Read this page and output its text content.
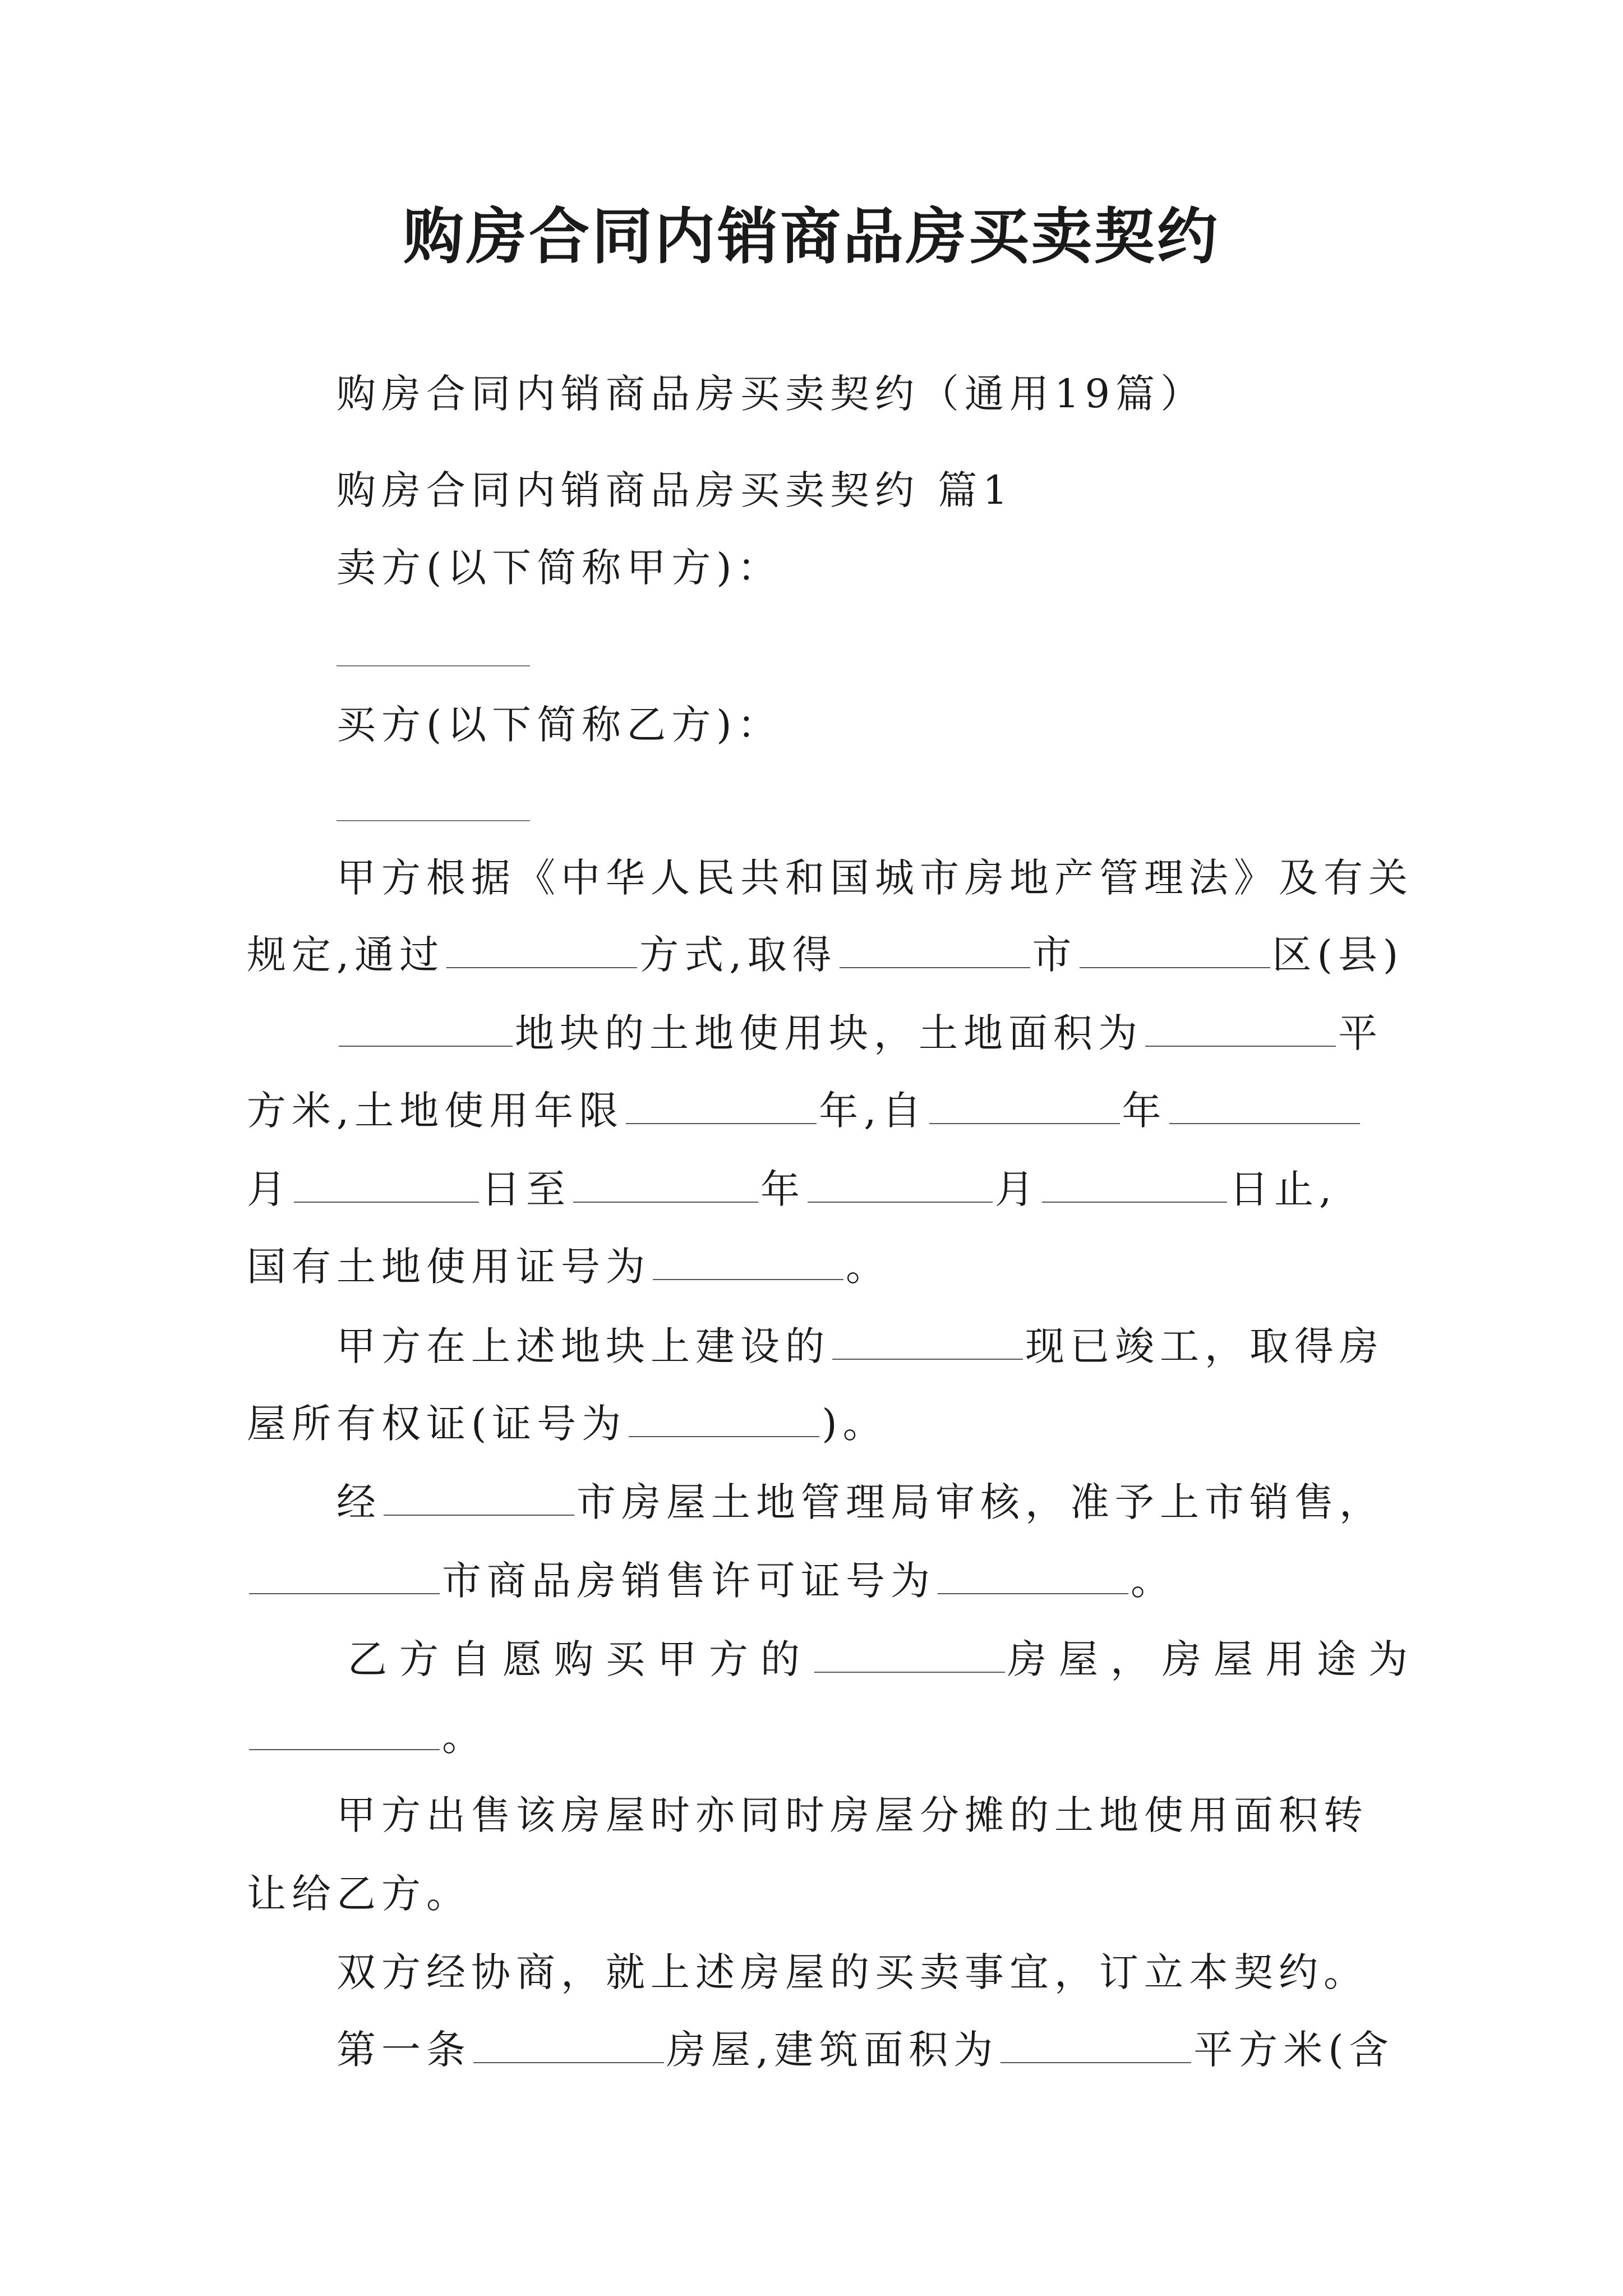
购房合同内销商品房买卖契约
购房合同内销商品房买卖契约（通用19篇）
购房合同内销商品房买卖契约 篇1
卖方(以下简称甲方)：
买方(以下简称乙方)：
甲方根据《中华人民共和国城市房地产管理法》及有关
规定,通过	方式,取得	市	区(县)
地块的土地使用块，土地面积为	平
方米,土地使用年限	年,自	年
月	日至	年	月	日止,
国有土地使用证号为	。
甲方在上述地块上建设的	现已竣工，取得房
屋所有权证(证号为	)。
经	市房屋土地管理局审核，准予上市销售，
市商品房销售许可证号为	。
乙方自愿购买甲方的	房屋，房屋用途为
。
甲方出售该房屋时亦同时房屋分摊的土地使用面积转
让给乙方。
双方经协商，就上述房屋的买卖事宜，订立本契约。
第一条	房屋,建筑面积为	平方米(含
